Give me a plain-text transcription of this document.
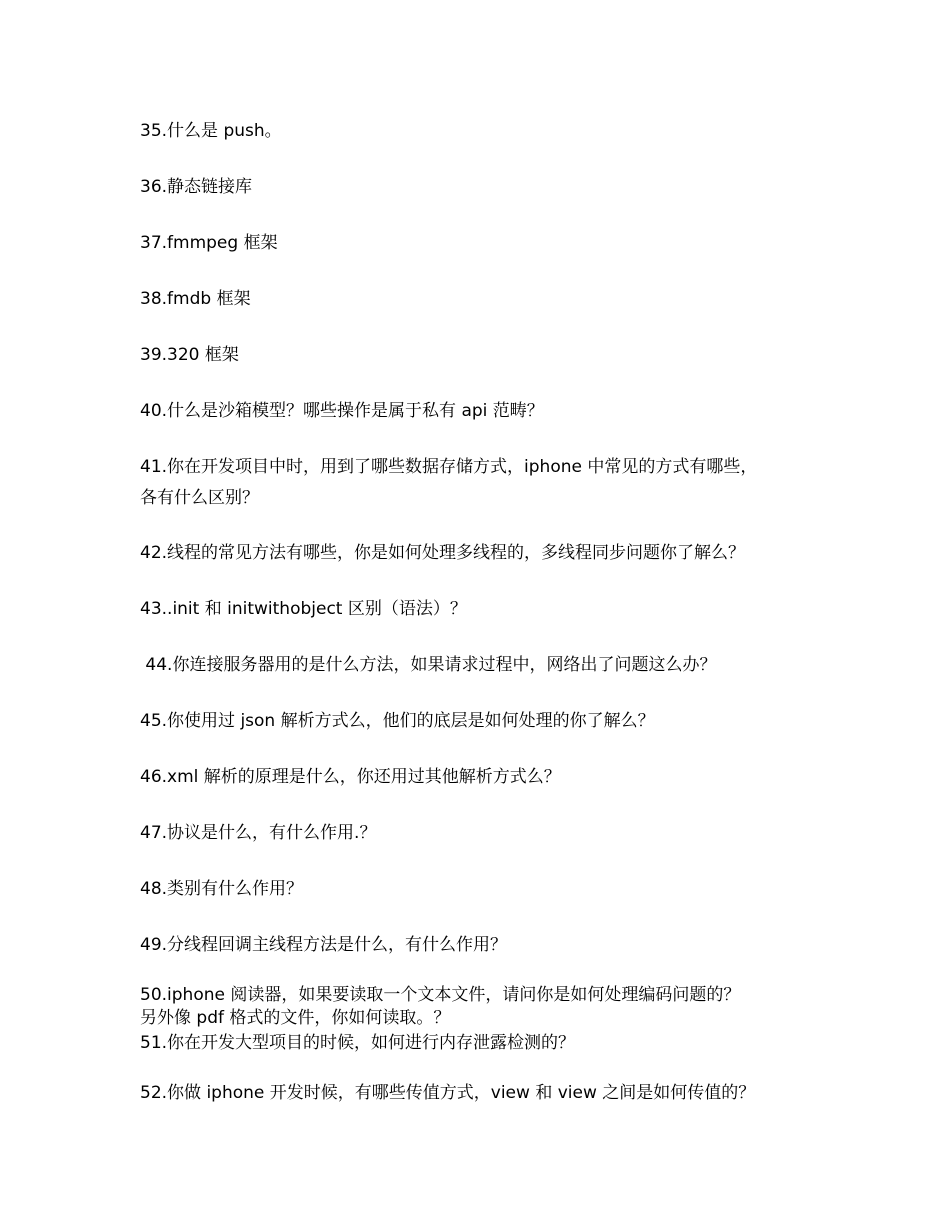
35.什么是 push。

36.静态链接库

37.fmmpeg 框架

38.fmdb 框架

39.320 框架

40.什么是沙箱模型？哪些操作是属于私有 api 范畴？

41.你在开发项目中时，用到了哪些数据存储方式，iphone 中常见的方式有哪些，

各有什么区别？

42.线程的常见方法有哪些，你是如何处理多线程的，多线程同步问题你了解么？

43..init 和 initwithobject 区别（语法）？

44.你连接服务器用的是什么方法，如果请求过程中，网络出了问题这么办？

45.你使用过 json 解析方式么，他们的底层是如何处理的你了解么？

46.xml 解析的原理是什么，你还用过其他解析方式么？

47.协议是什么，有什么作用.？

48.类别有什么作用？

49.分线程回调主线程方法是什么，有什么作用？

50.iphone 阅读器，如果要读取一个文本文件，请问你是如何处理编码问题的？

另外像 pdf 格式的文件，你如何读取。？

51.你在开发大型项目的时候，如何进行内存泄露检测的？

52.你做 iphone 开发时候，有哪些传值方式，view 和 view 之间是如何传值的？
